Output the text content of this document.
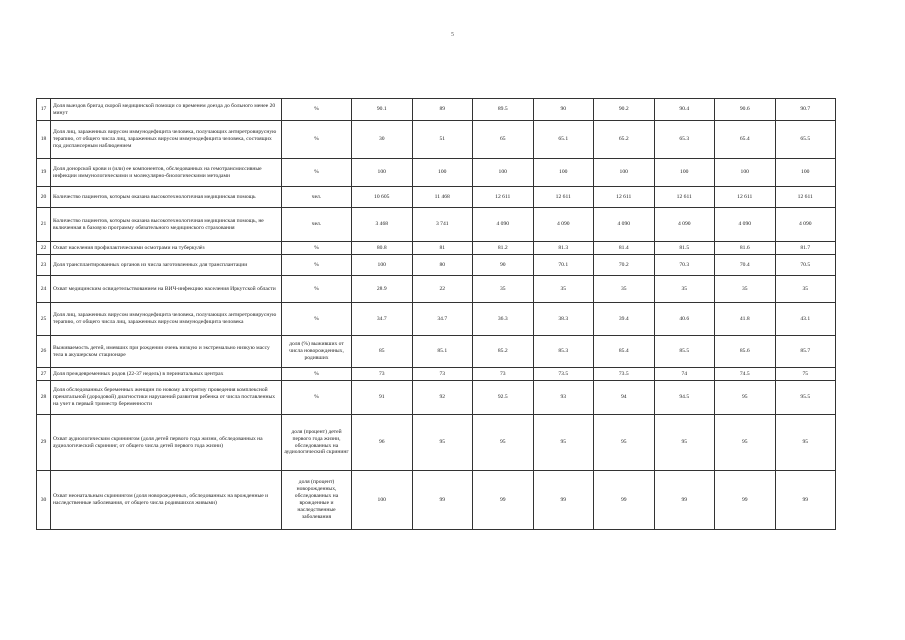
5
17	Доля выездов бригад скорой медицинской помощи со временем доезда до больного менее 20 минут	%	90.1	89	89.5	90	90.2	90.4	90.6	90.7
18	Доля лиц, зараженных вирусом иммунодефицита человека, получающих антиретровирусную терапию, от общего числа лиц, зараженных вирусом иммунодефицита человека, состоящих под диспансерным наблюдением	%	30	51	65	65.1	65.2	65.3	65.4	65.5
19	Доля донорской крови и (или) ее компонентов, обследованных на гемотрансмиссивные инфекции иммунологическими и молекулярно-биологическими методами	%	100	100	100	100	100	100	100	100
20	Количество пациентов, которым оказана высокотехнологичная медицинская помощь	чел.	10 605	11 468	12 611	12 611	12 611	12 611	12 611	12 611
21	Количество пациентов, которым оказана высокотехнологичная медицинская помощь, не включенная в базовую программу обязательного медицинского страхования	чел.	3 468	3 741	4 090	4 090	4 090	4 090	4 090	4 090
22	Охват населения профилактическими осмотрами на туберкулёз	%	80.8	81	81.2	81.3	81.4	81.5	81.6	81.7
23	Доля трансплантированных органов из числа заготовленных для трансплантации	%	100	80	90	70.1	70.2	70.3	70.4	70.5
24	Охват медицинским освидетельствованием на ВИЧ-инфекцию населения Иркутской области	%	28.9	22	35	35	35	35	35	35
25	Доля лиц, зараженных вирусом иммунодефицита человека, получающих антиретровирусную терапию, от общего числа лиц, зараженных вирусом иммунодефицита человека	%	34.7	34.7	36.3	38.3	39.4	40.6	41.8	43.1
26	Выживаемость детей, имевших при рождении очень низкую и экстремально низкую массу тела в акушерском стационаре	доля (%) выживших от числа новорожденных, родивших	85	85.1	85.2	85.3	85.4	85.5	85.6	85.7
27	Доля преждевременных родов (22-37 недель) в перинатальных центрах	%	73	73	73	73.5	73.5	74	74.5	75
28	Доля обследованных беременных женщин по новому алгоритму проведения комплексной пренатальной (дородовой) диагностики нарушений развития ребенка от числа поставленных на учет в первый триместр беременности	%	91	92	92.5	93	94	94.5	95	95.5
29	Охват аудиологическим скринингом (доля детей первого года жизни, обследованных на аудиологический скрининг, от общего числа детей первого года жизни)	доля (процент) детей первого года жизни, обследованных на аудиологический скрининг	96	95	95	95	95	95	95	95
30	Охват неонатальным скринингом (доля новорожденных, обследованных на врожденные и наследственные заболевания, от общего числа родившихся живыми)	доля (процент) новорожденных, обследованных на врожденные и наследственные заболевания	100	99	99	99	99	99	99	99
